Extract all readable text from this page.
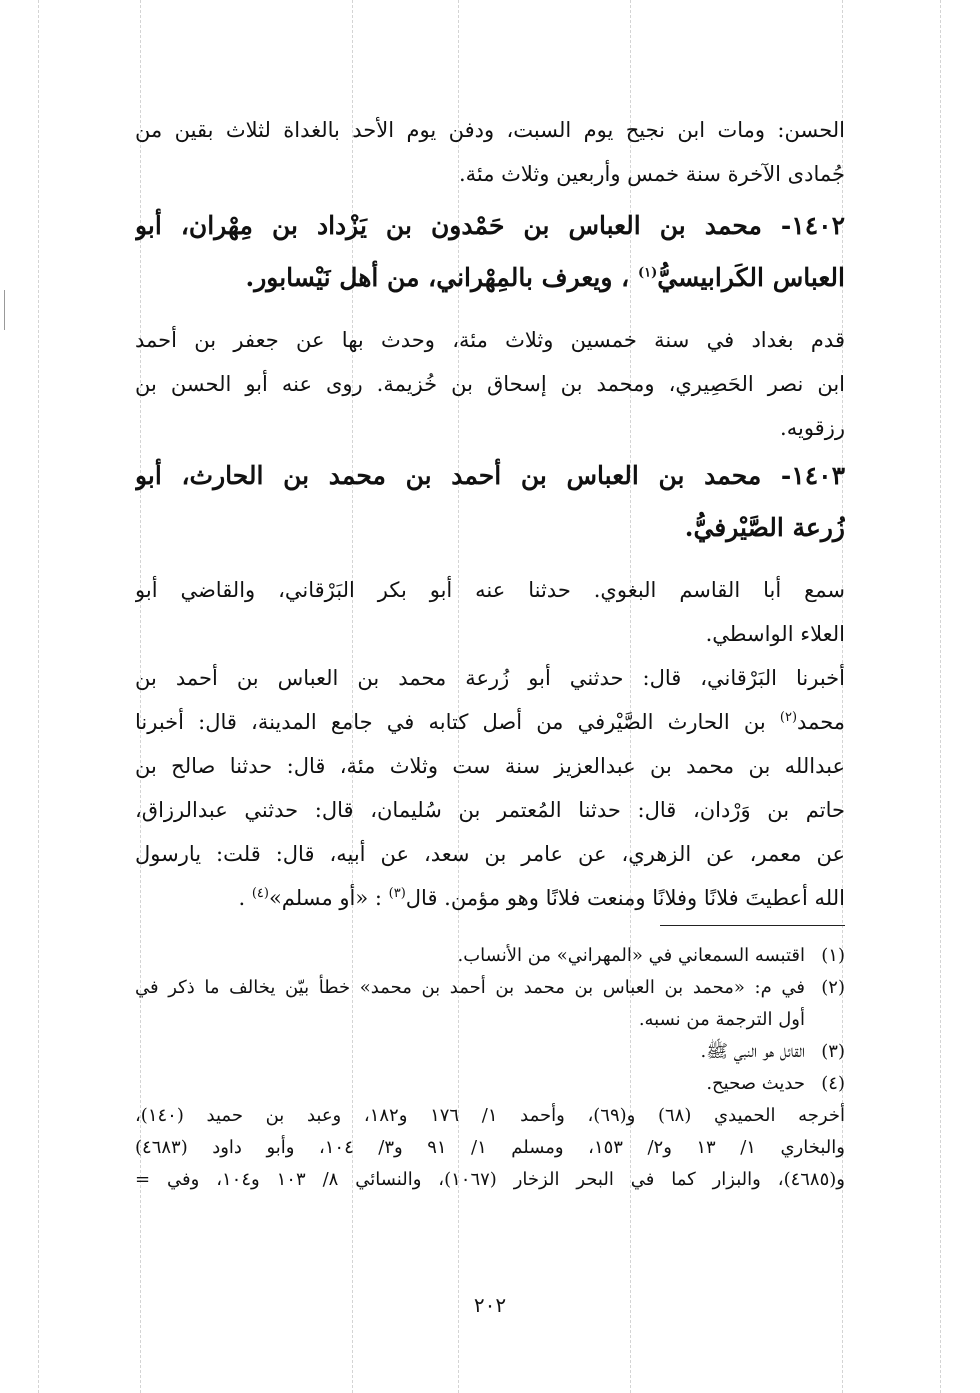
الحسن: ومات ابن نجيح يوم السبت، ودفن يوم الأحد بالغداة لثلاث بقين من
جُمادى الآخرة سنة خمس وأربعين وثلاث مئة.
١٤٠٢- محمد بن العباس بن حَمْدون بن يَزْداد بن مِهْران، أبو
العباس الكَرابيسيُّ$^{(١)}$ ، ويعرف بالمِهْراني، من أهل نَيْسابور.
قدم بغداد في سنة خمسين وثلاث مئة، وحدث بها عن جعفر بن أحمد
ابن نصر الحَصِيري، ومحمد بن إسحاق بن خُزيمة. روى عنه أبو الحسن بن
رزقويه.
١٤٠٣- محمد بن العباس بن أحمد بن محمد بن الحارث، أبو
زُرعة الصَّيْرفيُّ.
سمع أبا القاسم البغوي. حدثنا عنه أبو بكر البَرْقاني، والقاضي أبو
العلاء الواسطي.
أخبرنا البَرْقاني، قال: حدثني أبو زُرعة محمد بن العباس بن أحمد بن
محمد$^{(٢)}$ بن الحارث الصَّيْرفي من أصل كتابه في جامع المدينة، قال: أخبرنا
عبدالله بن محمد بن عبدالعزيز سنة ست وثلاث مئة، قال: حدثنا صالح بن
حاتم بن وَرْدان، قال: حدثنا المُعتمر بن سُليمان، قال: حدثني عبدالرزاق،
عن معمر، عن الزهري، عن عامر بن سعد، عن أبيه، قال: قلت: يارسول
الله أعطيتَ فلانًا وفلانًا ومنعت فلانًا وهو مؤمن. قال$^{(٣)}$ : «أو مسلم»$^{(٤)}$ .
(١)
اقتبسه السمعاني في «المهراني» من الأنساب.
(٢)
في م: «محمد بن العباس بن محمد بن أحمد بن محمد» خطأ بيّن يخالف ما ذكر في
أول الترجمة من نسبه.
(٣)
القائل هو النبي ﷺ.
(٤)
حديث صحيح.
أخرجه الحميدي (٦٨) و(٦٩)، وأحمد ١/ ١٧٦ و١٨٢، وعبد بن حميد (١٤٠)،
والبخاري ١/ ١٣ و٢/ ١٥٣، ومسلم ١/ ٩١ و٣/ ١٠٤، وأبو داود (٤٦٨٣)
و(٤٦٨٥)، والبزار كما في البحر الزخار (١٠٦٧)، والنسائي ٨/ ١٠٣ و١٠٤، وفي =
٢٠٢
